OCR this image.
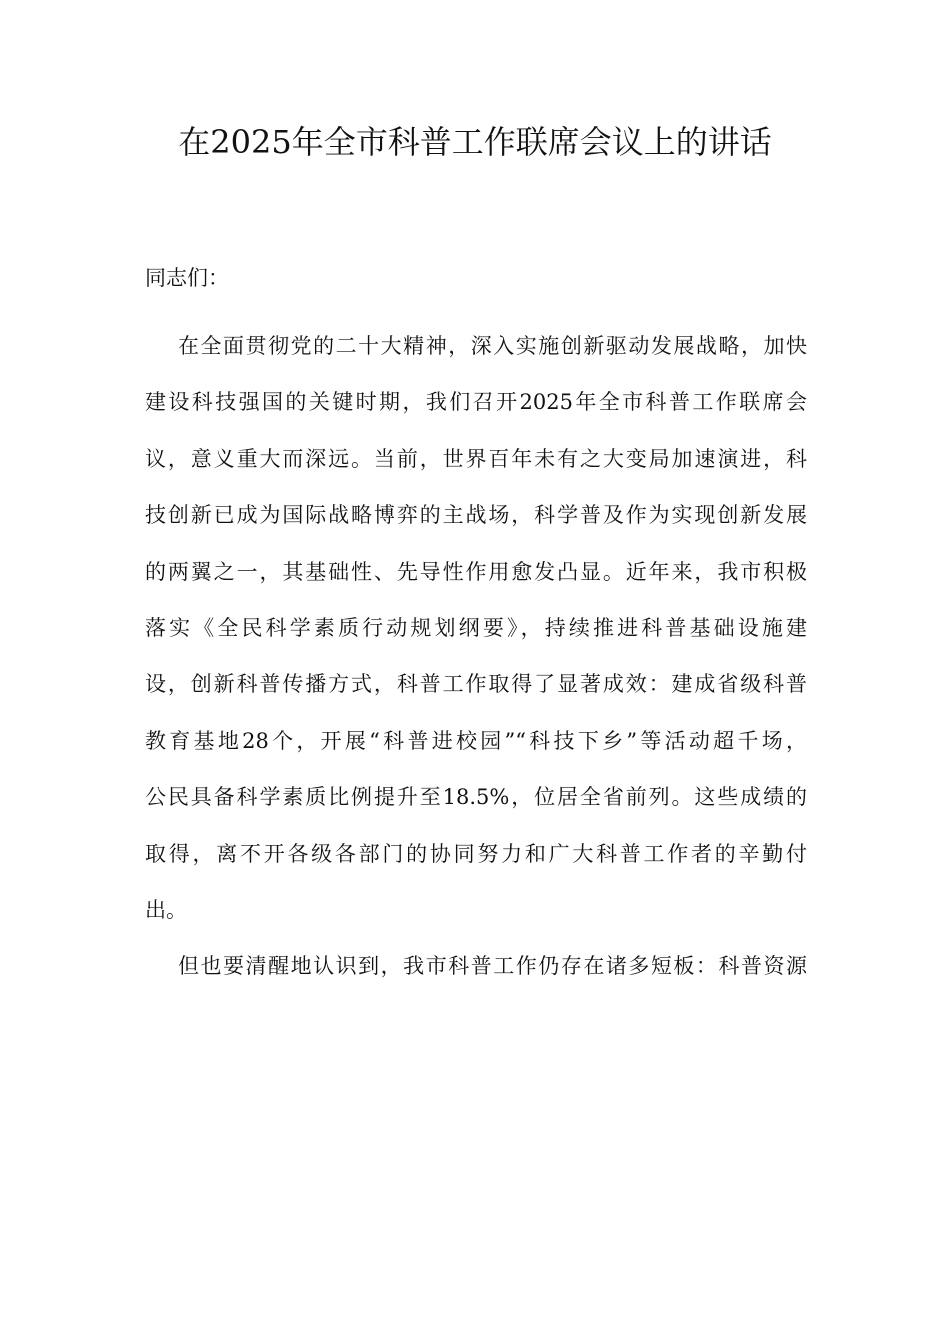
在2025年全市科普工作联席会议上的讲话
同志们：
在全面贯彻党的二十大精神，深入实施创新驱动发展战略，加快
建设科技强国的关键时期，我们召开2025年全市科普工作联席会
议，意义重大而深远。当前，世界百年未有之大变局加速演进，科
技创新已成为国际战略博弈的主战场，科学普及作为实现创新发展
的两翼之一，其基础性、先导性作用愈发凸显。近年来，我市积极
落实《全民科学素质行动规划纲要》，持续推进科普基础设施建
设，创新科普传播方式，科普工作取得了显著成效：建成省级科普
教育基地28个，开展“科普进校园”“科技下乡”等活动超千场，
公民具备科学素质比例提升至18.5%，位居全省前列。这些成绩的
取得，离不开各级各部门的协同努力和广大科普工作者的辛勤付
出。
但也要清醒地认识到，我市科普工作仍存在诸多短板：科普资源
